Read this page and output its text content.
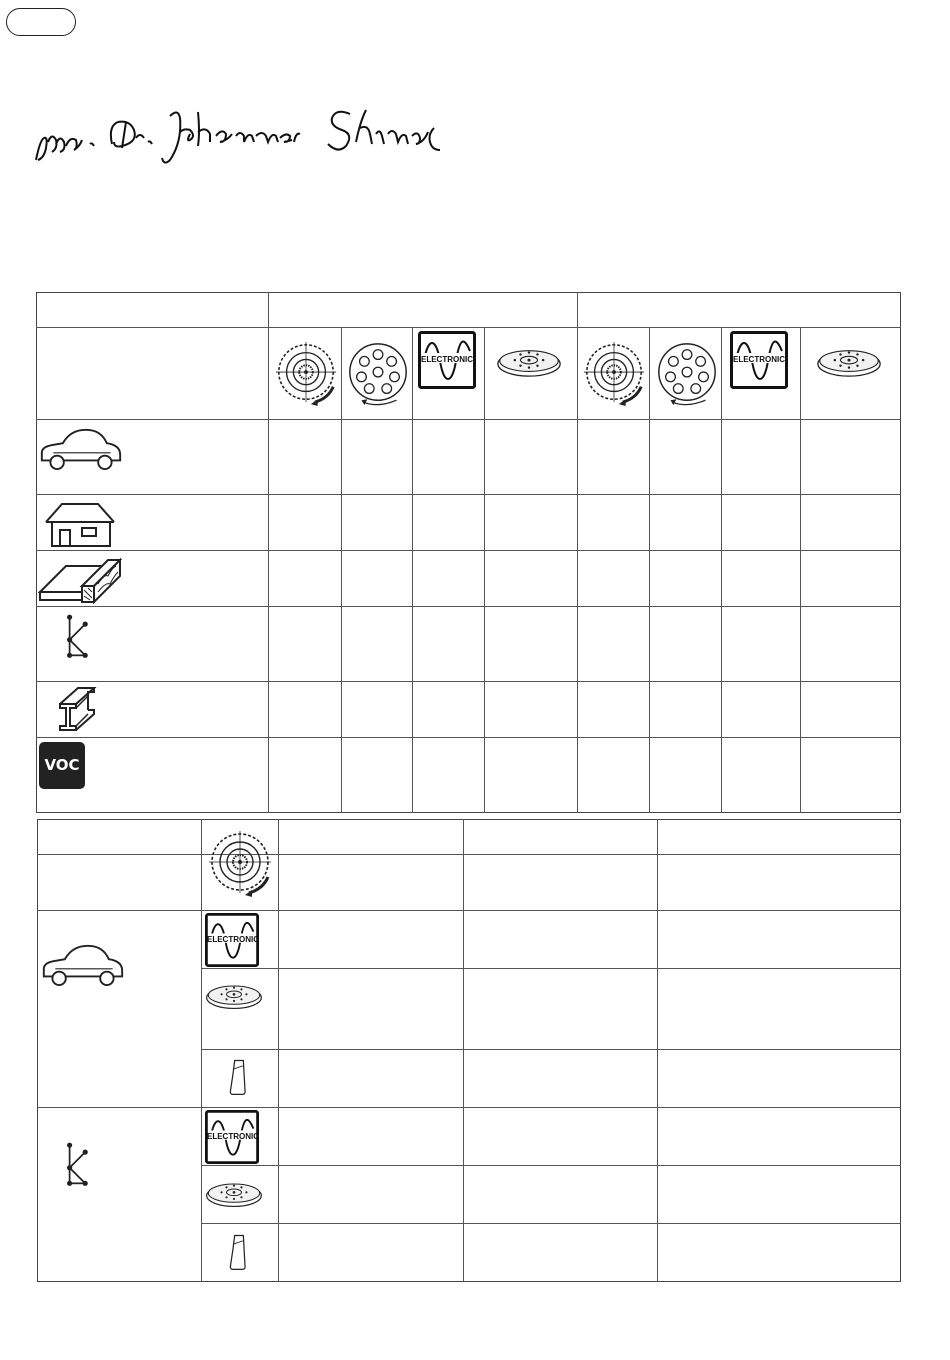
ELECTRONIC	ELECTRONIC
VOC
ELECTRONIC
ELECTRONIC
